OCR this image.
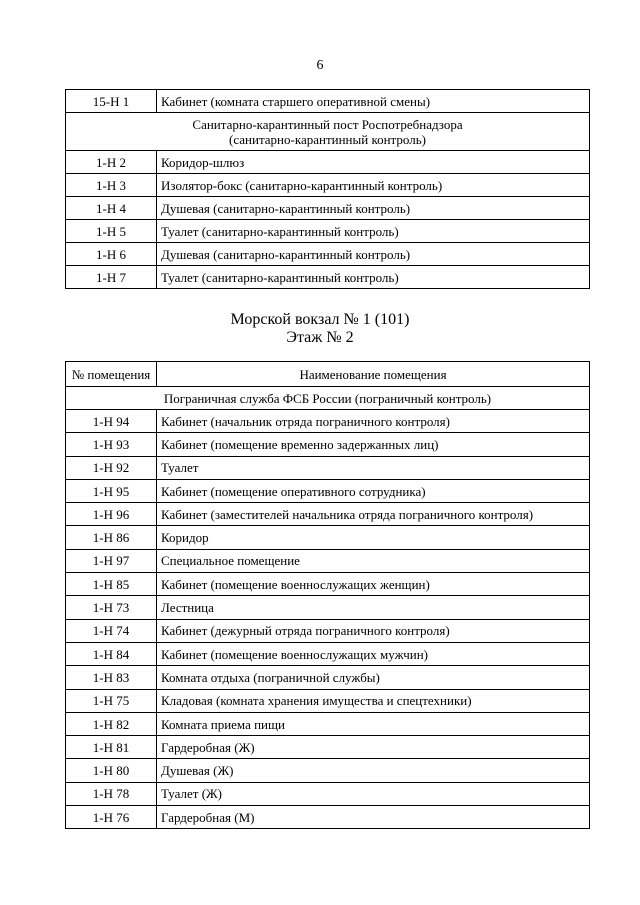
6
15-Н 1	Кабинет (комната старшего оперативной смены)

Санитарно-карантинный пост Роспотребнадзора
(санитарно-карантинный контроль)	

1-Н 2	Коридор-шлюз
1-Н 3	Изолятор-бокс (санитарно-карантинный контроль)
1-Н 4	Душевая (санитарно-карантинный контроль)
1-Н 5	Туалет (санитарно-карантинный контроль)
1-Н 6	Душевая (санитарно-карантинный контроль)
1-Н 7	Туалет (санитарно-карантинный контроль)
Морской вокзал № 1 (101)
Этаж № 2
№ помещения	Наименование помещения
Пограничная служба ФСБ России (пограничный контроль)	
1-Н 94	Кабинет (начальник отряда пограничного контроля)
1-Н 93	Кабинет (помещение временно задержанных лиц)
1-Н 92	Туалет
1-Н 95	Кабинет (помещение оперативного сотрудника)
1-Н 96	Кабинет (заместителей начальника отряда пограничного контроля)
1-Н 86	Коридор
1-Н 97	Специальное помещение
1-Н 85	Кабинет (помещение военнослужащих женщин)
1-Н 73	Лестница
1-Н 74	Кабинет (дежурный отряда пограничного контроля)
1-Н 84	Кабинет (помещение военнослужащих мужчин)
1-Н 83	Комната отдыха (пограничной службы)
1-Н 75	Кладовая (комната хранения имущества и спецтехники)
1-Н 82	Комната приема пищи
1-Н 81	Гардеробная (Ж)
1-Н 80	Душевая (Ж)
1-Н 78	Туалет (Ж)
1-Н 76	Гардеробная (М)
